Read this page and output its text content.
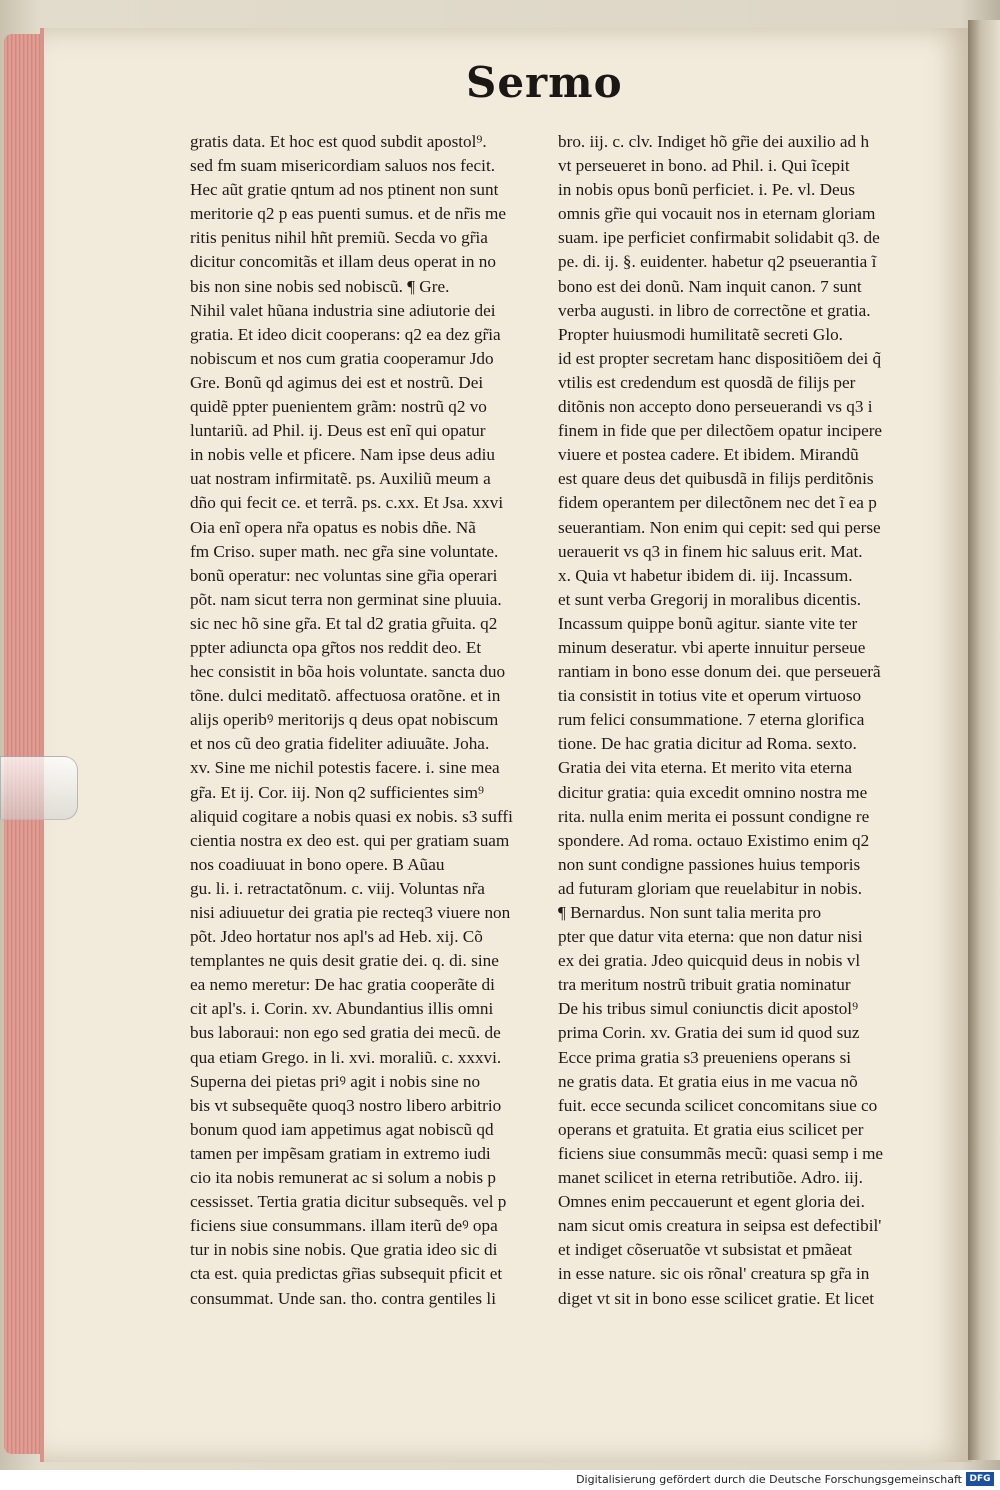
Sermo
gratis data. Et hoc est quod subdit apostol⁹.
sed fm suam misericordiam saluos nos fecit.
Hec aũt gratie qntum ad nos ptinent non sunt
meritorie q2 p eas puenti sumus. et de nr̃is me
ritis penitus nihil hñt premiũ. Secda vo gr̃ia
dicitur concomitãs et illam deus operat in no
bis non sine nobis sed nobiscũ. ¶ Gre.
Nihil valet hũana industria sine adiutorie dei
gratia. Et ideo dicit cooperans: q2 ea dez gr̃ia
nobiscum et nos cum gratia cooperamur Jdo
Gre. Bonũ qd agimus dei est et nostrũ. Dei
quidẽ ppter puenientem grãm: nostrũ q2 vo
luntariũ. ad Phil. ij. Deus est enĩ qui opatur
in nobis velle et pficere. Nam ipse deus adiu
uat nostram infirmitatẽ. ps. Auxiliũ meum a
dño qui fecit ce. et terrã. ps. c.xx. Et Jsa. xxvi
Oia enĩ opera nr̃a opatus es nobis dñe. Nã
fm Criso. super math. nec gr̃a sine voluntate.
bonũ operatur: nec voluntas sine gr̃ia operari
põt. nam sicut terra non germinat sine pluuia.
sic nec hõ sine gr̃a. Et tal d2 gratia gr̃uita. q2
ppter adiuncta opa gr̃tos nos reddit deo. Et
hec consistit in bõa hois voluntate. sancta duo
tõne. dulci meditatõ. affectuosa oratõne. et in
alijs operibꝰ meritorijs q deus opat nobiscum
et nos cũ deo gratia fideliter adiuuãte. Joha.
xv. Sine me nichil potestis facere. i. sine mea
gr̃a. Et ij. Cor. iij. Non q2 sufficientes sim⁹
aliquid cogitare a nobis quasi ex nobis. s3 suffi
cientia nostra ex deo est. qui per gratiam suam
nos coadiuuat in bono opere. B Aũau
gu. li. i. retractatõnum. c. viij. Voluntas nr̃a
nisi adiuuetur dei gratia pie recteq3 viuere non
põt. Jdeo hortatur nos apl's ad Heb. xij. Cõ
templantes ne quis desit gratie dei. q. di. sine
ea nemo meretur: De hac gratia cooperãte di
cit apl's. i. Corin. xv. Abundantius illis omni
bus laboraui: non ego sed gratia dei mecũ. de
qua etiam Grego. in li. xvi. moraliũ. c. xxxvi.
Superna dei pietas priꝰ agit i nobis sine no
bis vt subsequẽte quoq3 nostro libero arbitrio
bonum quod iam appetimus agat nobiscũ qd
tamen per impẽsam gratiam in extremo iudi
cio ita nobis remunerat ac si solum a nobis p
cessisset. Tertia gratia dicitur subsequẽs. vel p
ficiens siue consummans. illam iterũ deꝰ opa
tur in nobis sine nobis. Que gratia ideo sic di
cta est. quia predictas gr̃ias subsequit pficit et
consummat. Unde san. tho. contra gentiles li
bro. iij. c. clv. Indiget hõ gr̃ie dei auxilio ad h
vt perseueret in bono. ad Phil. i. Qui ĩcepit
in nobis opus bonũ perficiet. i. Pe. vl. Deus
omnis gr̃ie qui vocauit nos in eternam gloriam
suam. ipe perficiet confirmabit solidabit q3. de
pe. di. ij. §. euidenter. habetur q2 pseuerantia ĩ
bono est dei donũ. Nam inquit canon. 7 sunt
verba augusti. in libro de correctõne et gratia.
Propter huiusmodi humilitatẽ secreti Glo.
id est propter secretam hanc dispositiõem dei q̃
vtilis est credendum est quosdã de filijs per
ditõnis non accepto dono perseuerandi vs q3 i
finem in fide que per dilectõem opatur incipere
viuere et postea cadere. Et ibidem. Mirandũ
est quare deus det quibusdã in filijs perditõnis
fidem operantem per dilectõnem nec det ĩ ea p
seuerantiam. Non enim qui cepit: sed qui perse
uerauerit vs q3 in finem hic saluus erit. Mat.
x. Quia vt habetur ibidem di. iij. Incassum.
et sunt verba Gregorij in moralibus dicentis.
Incassum quippe bonũ agitur. siante vite ter
minum deseratur. vbi aperte innuitur perseue
rantiam in bono esse donum dei. que perseuerã
tia consistit in totius vite et operum virtuoso
rum felici consummatione. 7 eterna glorifica
tione. De hac gratia dicitur ad Roma. sexto.
Gratia dei vita eterna. Et merito vita eterna
dicitur gratia: quia excedit omnino nostra me
rita. nulla enim merita ei possunt condigne re
spondere. Ad roma. octauo Existimo enim q2
non sunt condigne passiones huius temporis
ad futuram gloriam que reuelabitur in nobis.
¶ Bernardus. Non sunt talia merita pro
pter que datur vita eterna: que non datur nisi
ex dei gratia. Jdeo quicquid deus in nobis vl
tra meritum nostrũ tribuit gratia nominatur
De his tribus simul coniunctis dicit apostol⁹
prima Corin. xv. Gratia dei sum id quod suz
Ecce prima gratia s3 preueniens operans si
ne gratis data. Et gratia eius in me vacua nõ
fuit. ecce secunda scilicet concomitans siue co
operans et gratuita. Et gratia eius scilicet per
ficiens siue consummãs mecũ: quasi semp i me
manet scilicet in eterna retributiõe. Adro. iij.
Omnes enim peccauerunt et egent gloria dei.
nam sicut omis creatura in seipsa est defectibil'
et indiget cõseruatõe vt subsistat et pmãeat
in esse nature. sic ois rõnal' creatura sp gr̃a in
diget vt sit in bono esse scilicet gratie. Et licet
Digitalisierung gefördert durch die Deutsche Forschungsgemeinschaft DFG
